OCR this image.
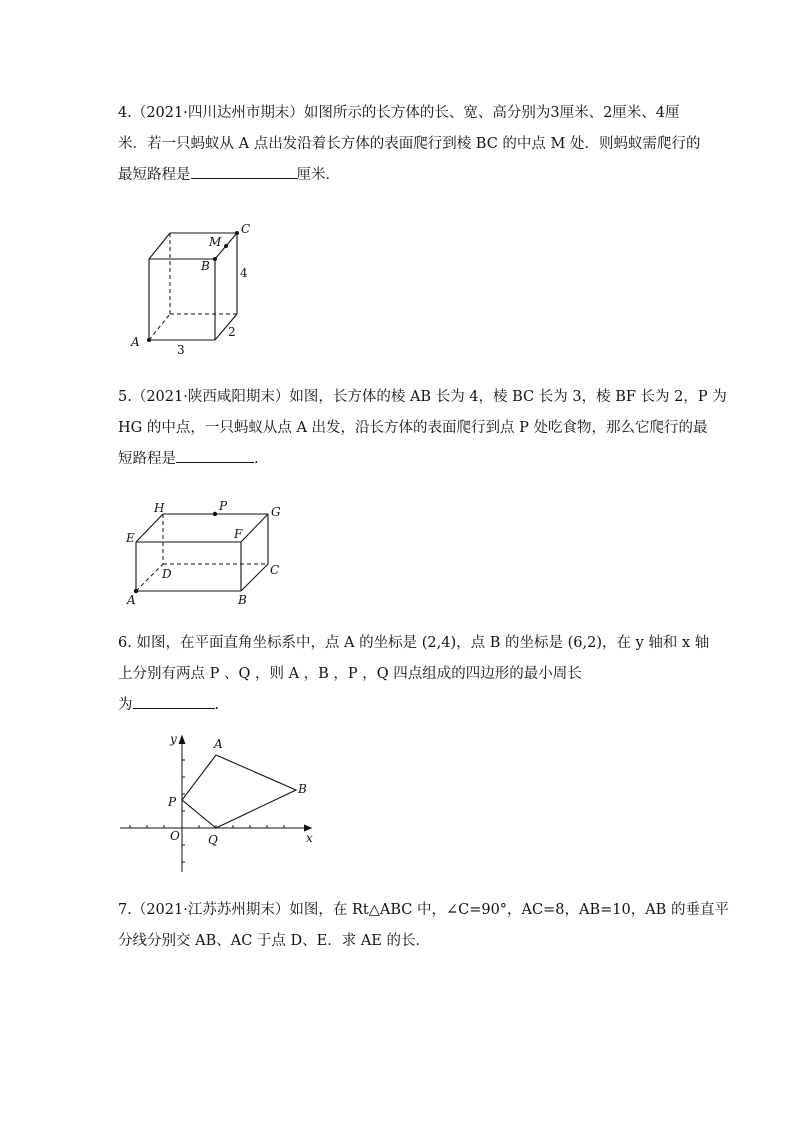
4.（2021·四川达州市期末）如图所示的长方体的长、宽、高分别为3厘米、2厘米、4厘
米．若一只蚂蚁从 A 点出发沿着长方体的表面爬行到棱 BC 的中点 M 处．则蚂蚁需爬行的
最短路程是	厘米．
A
B
M
C
4
2
3
5.（2021·陕西咸阳期末）如图，长方体的棱 AB 长为 4，棱 BC 长为 3，棱 BF 长为 2，P 为
HG 的中点，一只蚂蚁从点 A 出发，沿长方体的表面爬行到点 P 处吃食物，那么它爬行的最
短路程是	.
H	P	G
E	F
D	C
A	B
6. 如图，在平面直角坐标系中，点 A 的坐标是 (2,4)，点 B 的坐标是 (6,2)，在 y 轴和 x 轴
上分别有两点 P 、Q ，则 A ，B ，P ，Q 四点组成的四边形的最小周长
为	.
y
x
A
B
P
O Q
7.（2021·江苏苏州期末）如图，在 Rt△ABC 中，∠C=90°，AC=8，AB=10，AB 的垂直平
分线分别交 AB、AC 于点 D、E．求 AE 的长．
